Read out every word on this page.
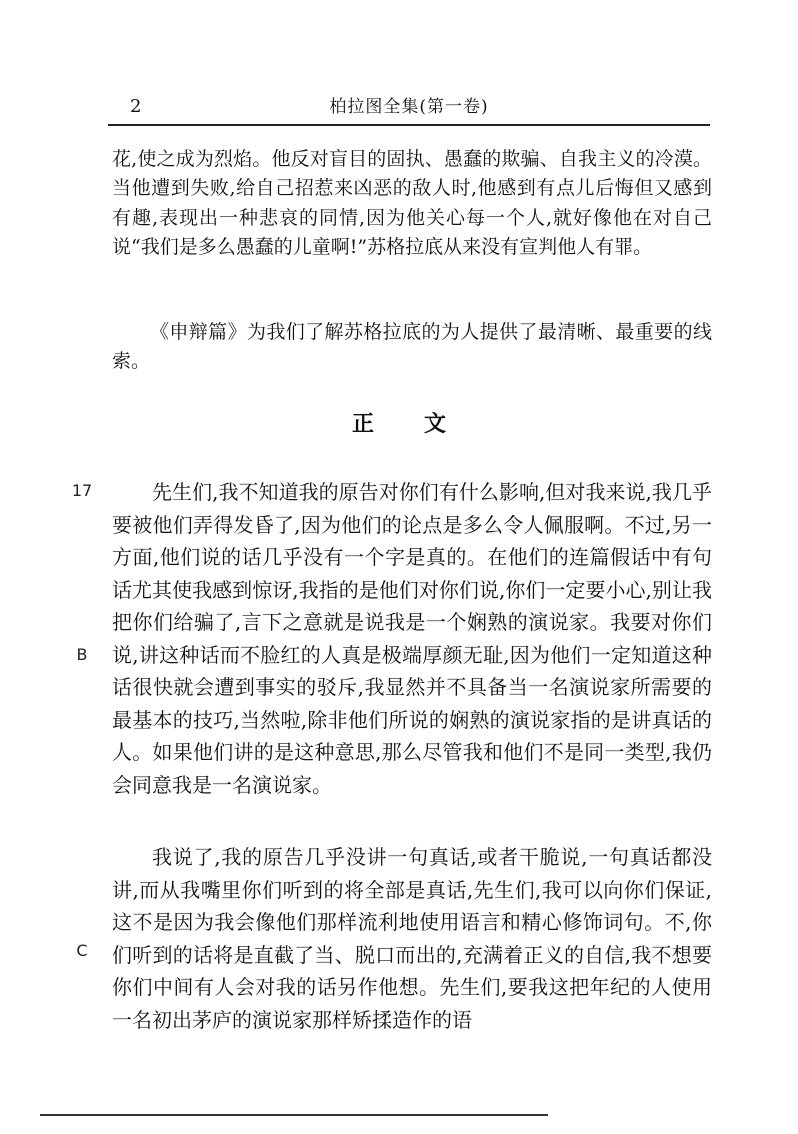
2	柏拉图全集(第一卷)

花,使之成为烈焰。他反对盲目的固执、愚蠢的欺骗、自我主义的冷漠。当他遭到失败,给自己招惹来凶恶的敌人时,他感到有点儿后悔但又感到有趣,表现出一种悲哀的同情,因为他关心每一个人,就好像他在对自己说“我们是多么愚蠢的儿童啊!”苏格拉底从来没有宣判他人有罪。

《申辩篇》为我们了解苏格拉底的为人提供了最清晰、最重要的线索。

正 文
17
B
C

先生们,我不知道我的原告对你们有什么影响,但对我来说,我几乎要被他们弄得发昏了,因为他们的论点是多么令人佩服啊。不过,另一方面,他们说的话几乎没有一个字是真的。在他们的连篇假话中有句话尤其使我感到惊讶,我指的是他们对你们说,你们一定要小心,别让我把你们给骗了,言下之意就是说我是一个娴熟的演说家。我要对你们说,讲这种话而不脸红的人真是极端厚颜无耻,因为他们一定知道这种话很快就会遭到事实的驳斥,我显然并不具备当一名演说家所需要的最基本的技巧,当然啦,除非他们所说的娴熟的演说家指的是讲真话的人。如果他们讲的是这种意思,那么尽管我和他们不是同一类型,我仍会同意我是一名演说家。

我说了,我的原告几乎没讲一句真话,或者干脆说,一句真话都没讲,而从我嘴里你们听到的将全部是真话,先生们,我可以向你们保证,这不是因为我会像他们那样流利地使用语言和精心修饰词句。不,你们听到的话将是直截了当、脱口而出的,充满着正义的自信,我不想要你们中间有人会对我的话另作他想。先生们,要我这把年纪的人使用一名初出茅庐的演说家那样矫揉造作的语
